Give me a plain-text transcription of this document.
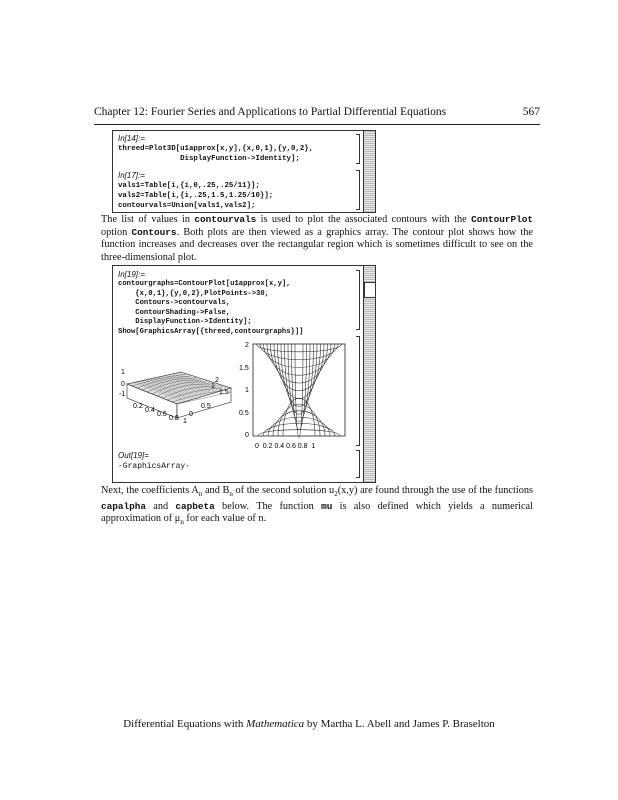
Chapter 12: Fourier Series and Applications to Partial Differential Equations	567
In[14]:=
threed=Plot3D[u1approx[x,y],{x,0,1},{y,0,2},
DisplayFunction->Identity];
In[17]:=
vals1=Table[i,{i,0,.25,.25/11}];
vals2=Table[i,{i,.25,1.5,1.25/10}];
contourvals=Union[vals1,vals2];
The list of values in contourvals is used to plot the associated contours with the ContourPlot option Contours. Both plots are then viewed as a graphics array. The contour plot shows how the function increases and decreases over the rectangular region which is sometimes difficult to see on the three-dimensional plot.
In[19]:=
contourgraphs=ContourPlot[u1approx[x,y],
{x,0,1},{y,0,2},PlotPoints->30,
Contours->contourvals,
ContourShading->False,
DisplayFunction->Identity];
Show[GraphicsArray[{threed,contourgraphs}]]
1
0
-1
0.2
0.4
0.6
0.8 1
2
1.5
0.5
0
1
2
1.5
1
0.5
0
0  0.2 0.4 0.6 0.8  1
Out[19]=
-GraphicsArray-
Next, the coefficients $A_n$ and $B_n$ of the second solution $u_2(x,y)$ are found through the use of the functions capalpha and capbeta below. The function mu is also defined which yields a numerical approximation of $\mu_n$ for each value of n.
Differential Equations with Mathematica by Martha L. Abell and James P. Braselton
